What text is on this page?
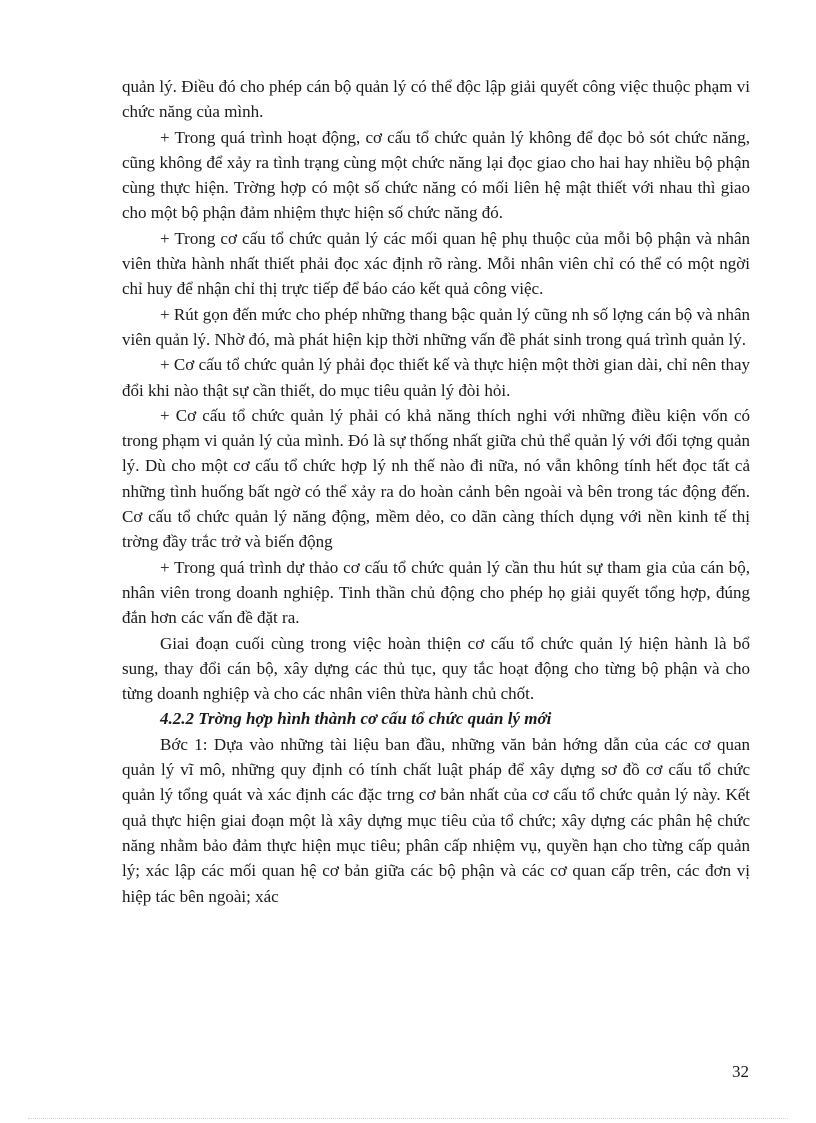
quản lý. Điều đó cho phép cán bộ quản lý có thể độc lập giải quyết công việc thuộc phạm vi chức năng của mình.

+ Trong quá trình hoạt động, cơ cấu tổ chức quản lý không để đọc bỏ sót chức năng, cũng không để xảy ra tình trạng cùng một chức năng lại đọc giao cho hai hay nhiều bộ phận cùng thực hiện. Trờng hợp có một số chức năng có mối liên hệ mật thiết với nhau thì giao cho một bộ phận đảm nhiệm thực hiện số chức năng đó.

+ Trong cơ cấu tổ chức quản lý các mối quan hệ phụ thuộc của mỗi bộ phận và nhân viên thừa hành nhất thiết phải đọc xác định rõ ràng. Mỗi nhân viên chỉ có thể có một ngời chỉ huy để nhận chỉ thị trực tiếp để báo cáo kết quả công việc.

+ Rút gọn đến mức cho phép những thang bậc quản lý cũng nh số lợng cán bộ và nhân viên quản lý. Nhờ đó, mà phát hiện kịp thời những vấn đề phát sinh trong quá trình quản lý.

+ Cơ cấu tổ chức quản lý phải đọc thiết kế và thực hiện một thời gian dài, chỉ nên thay đổi khi nào thật sự cần thiết, do mục tiêu quản lý đòi hỏi.

+ Cơ cấu tổ chức quản lý phải có khả năng thích nghi với những điều kiện vốn có trong phạm vi quản lý của mình. Đó là sự thống nhất giữa chủ thể quản lý với đối tợng quản lý. Dù cho một cơ cấu tổ chức hợp lý nh thế nào đi nữa, nó vẫn không tính hết đọc tất cả những tình huống bất ngờ có thể xảy ra do hoàn cảnh bên ngoài và bên trong tác động đến. Cơ cấu tổ chức quản lý năng động, mềm dẻo, co dãn càng thích dụng với nền kinh tế thị trờng đầy trắc trở và biến động

+ Trong quá trình dự thảo cơ cấu tổ chức quản lý cần thu hút sự tham gia của cán bộ, nhân viên trong doanh nghiệp. Tinh thần chủ động cho phép họ giải quyết tổng hợp, đúng đắn hơn các vấn đề đặt ra.

Giai đoạn cuối cùng trong việc hoàn thiện cơ cấu tổ chức quản lý hiện hành là bổ sung, thay đổi cán bộ, xây dựng các thủ tục, quy tắc hoạt động cho từng bộ phận và cho từng doanh nghiệp và cho các nhân viên thừa hành chủ chốt.

4.2.2 Trờng hợp hình thành cơ cấu tổ chức quản lý mới

Bớc 1: Dựa vào những tài liệu ban đầu, những văn bản hớng dẫn của các cơ quan quản lý vĩ mô, những quy định có tính chất luật pháp để xây dựng sơ đồ cơ cấu tổ chức quản lý tổng quát và xác định các đặc trng cơ bản nhất của cơ cấu tổ chức quản lý này. Kết quả thực hiện giai đoạn một là xây dựng mục tiêu của tổ chức; xây dựng các phân hệ chức năng nhằm bảo đảm thực hiện mục tiêu; phân cấp nhiệm vụ, quyền hạn cho từng cấp quản lý; xác lập các mối quan hệ cơ bản giữa các bộ phận và các cơ quan cấp trên, các đơn vị hiệp tác bên ngoài; xác

32
